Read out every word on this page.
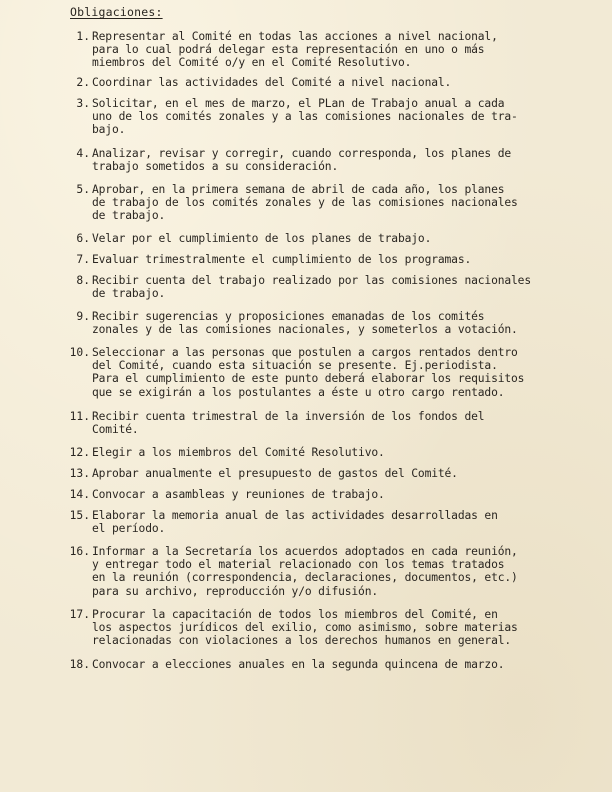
Obligaciones:
1. Representar al Comité en todas las acciones a nivel nacional,
para lo cual podrá delegar esta representación en uno o más
miembros del Comité o/y en el Comité Resolutivo.
2. Coordinar las actividades del Comité a nivel nacional.
3. Solicitar, en el mes de marzo, el PLan de Trabajo anual a cada
uno de los comités zonales y a las comisiones nacionales de tra-
bajo.
4. Analizar, revisar y corregir, cuando corresponda, los planes de
trabajo sometidos a su consideración.
5. Aprobar, en la primera semana de abril de cada año, los planes
de trabajo de los comités zonales y de las comisiones nacionales
de trabajo.
6. Velar por el cumplimiento de los planes de trabajo.
7. Evaluar trimestralmente el cumplimiento de los programas.
8. Recibir cuenta del trabajo realizado por las comisiones nacionales
de trabajo.
9. Recibir sugerencias y proposiciones emanadas de los comités
zonales y de las comisiones nacionales, y someterlos a votación.
10. Seleccionar a las personas que postulen a cargos rentados dentro
del Comité, cuando esta situación se presente. Ej.periodista.
Para el cumplimiento de este punto deberá elaborar los requisitos
que se exigirán a los postulantes a éste u otro cargo rentado.
11. Recibir cuenta trimestral de la inversión de los fondos del
Comité.
12. Elegir a los miembros del Comité Resolutivo.
13. Aprobar anualmente el presupuesto de gastos del Comité.
14. Convocar a asambleas y reuniones de trabajo.
15. Elaborar la memoria anual de las actividades desarrolladas en
el período.
16. Informar a la Secretaría los acuerdos adoptados en cada reunión,
y entregar todo el material relacionado con los temas tratados
en la reunión (correspondencia, declaraciones, documentos, etc.)
para su archivo, reproducción y/o difusión.
17. Procurar la capacitación de todos los miembros del Comité, en
los aspectos jurídicos del exilio, como asimismo, sobre materias
relacionadas con violaciones a los derechos humanos en general.
18. Convocar a elecciones anuales en la segunda quincena de marzo.
